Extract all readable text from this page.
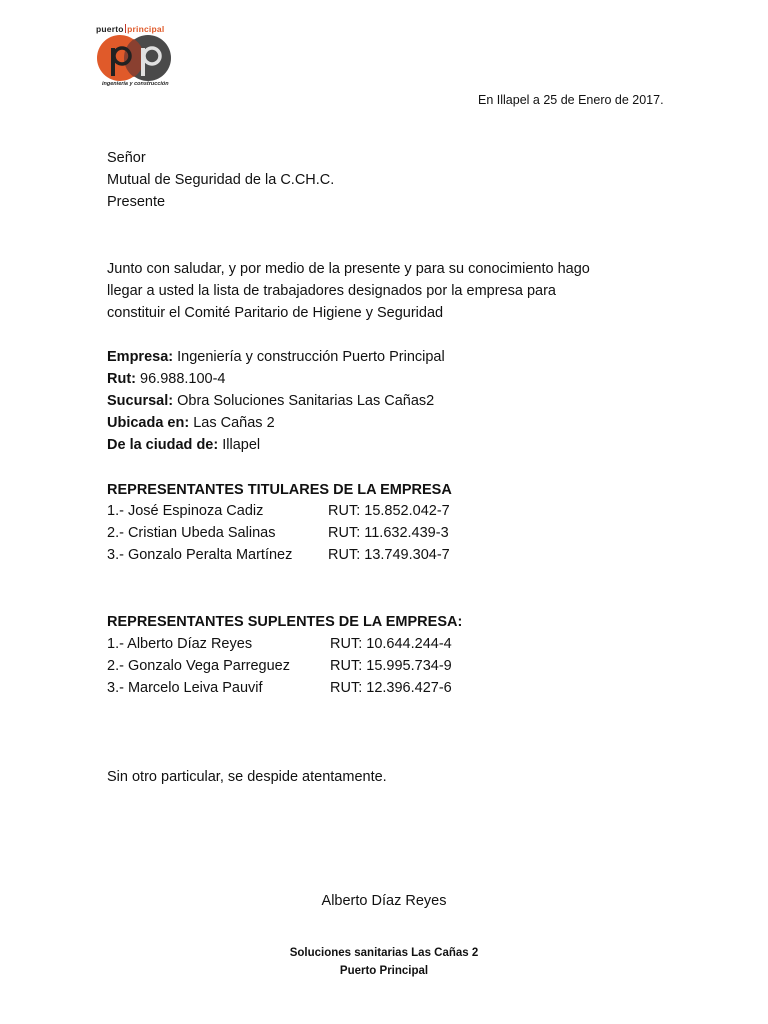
puerto principal
ingeniería y construcción
En Illapel a 25 de Enero de 2017.
Señor
Mutual de Seguridad de la C.CH.C.
Presente
Junto con saludar, y por medio de la presente y para su conocimiento hago
llegar a usted la lista de trabajadores designados por la empresa para
constituir el Comité Paritario de Higiene y Seguridad
Empresa: Ingeniería y construcción Puerto Principal
Rut: 96.988.100-4
Sucursal: Obra Soluciones Sanitarias Las Cañas2
Ubicada en: Las Cañas 2
De la ciudad de: Illapel
REPRESENTANTES TITULARES DE LA EMPRESA
1.- José Espinoza Cadiz	RUT: 15.852.042-7
2.- Cristian Ubeda Salinas	RUT: 11.632.439-3
3.- Gonzalo Peralta Martínez RUT: 13.749.304-7
REPRESENTANTES SUPLENTES DE LA EMPRESA:
1.- Alberto Díaz Reyes	RUT: 10.644.244-4
2.- Gonzalo Vega Parreguez	RUT: 15.995.734-9
3.- Marcelo Leiva Pauvif	RUT: 12.396.427-6
Sin otro particular, se despide atentamente.
Alberto Díaz Reyes
Soluciones sanitarias Las Cañas 2
Puerto Principal
